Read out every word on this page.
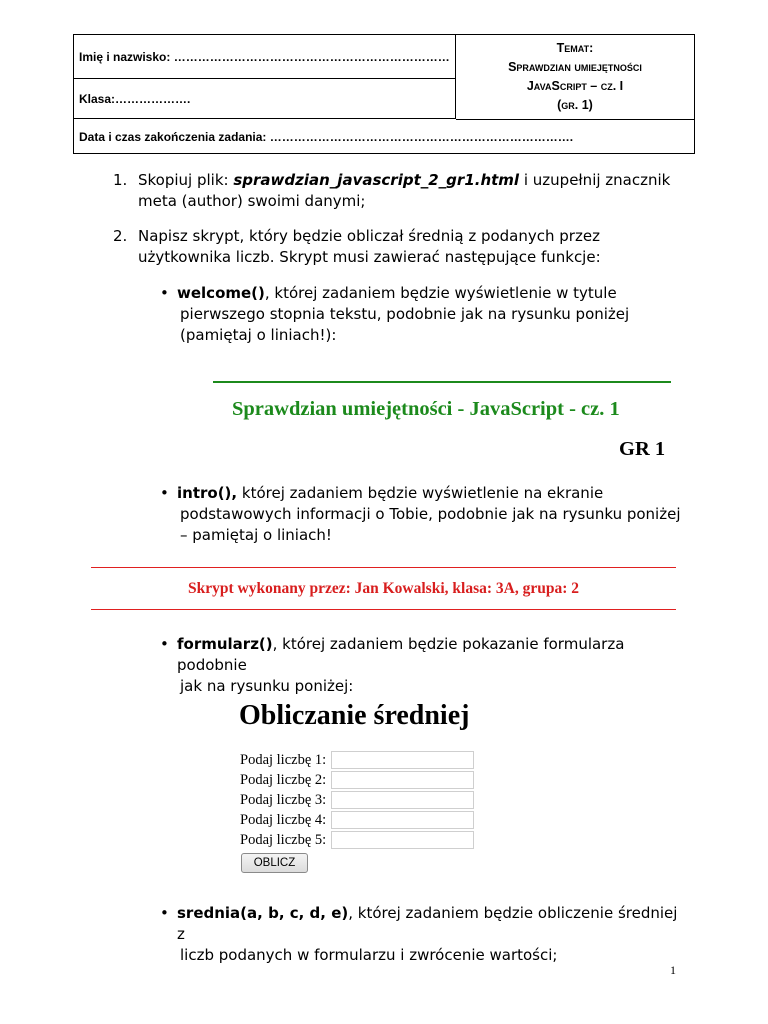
Imię i nazwisko: ……………………………………………………………
Klasa:……………….
Temat:
Sprawdzian umiejętności
JavaScript – cz. I
(gr. 1)
Data i czas zakończenia zadania: ………………………………………………………………….
1. Skopiuj plik: sprawdzian_javascript_2_gr1.html i uzupełnij znacznik
meta (author) swoimi danymi;
2. Napisz skrypt, który będzie obliczał średnią z podanych przez
użytkownika liczb. Skrypt musi zawierać następujące funkcje:
• welcome(), której zadaniem będzie wyświetlenie w tytule
pierwszego stopnia tekstu, podobnie jak na rysunku poniżej
(pamiętaj o liniach!):
Sprawdzian umiejętności - JavaScript - cz. 1
GR 1
• intro(), której zadaniem będzie wyświetlenie na ekranie
podstawowych informacji o Tobie, podobnie jak na rysunku poniżej
– pamiętaj o liniach!
Skrypt wykonany przez: Jan Kowalski, klasa: 3A, grupa: 2
• formularz(), której zadaniem będzie pokazanie formularza podobnie
jak na rysunku poniżej:
Obliczanie średniej
Podaj liczbę 1:
Podaj liczbę 2:
Podaj liczbę 3:
Podaj liczbę 4:
Podaj liczbę 5:
OBLICZ
• srednia(a, b, c, d, e), której zadaniem będzie obliczenie średniej z
liczb podanych w formularzu i zwrócenie wartości;
1
